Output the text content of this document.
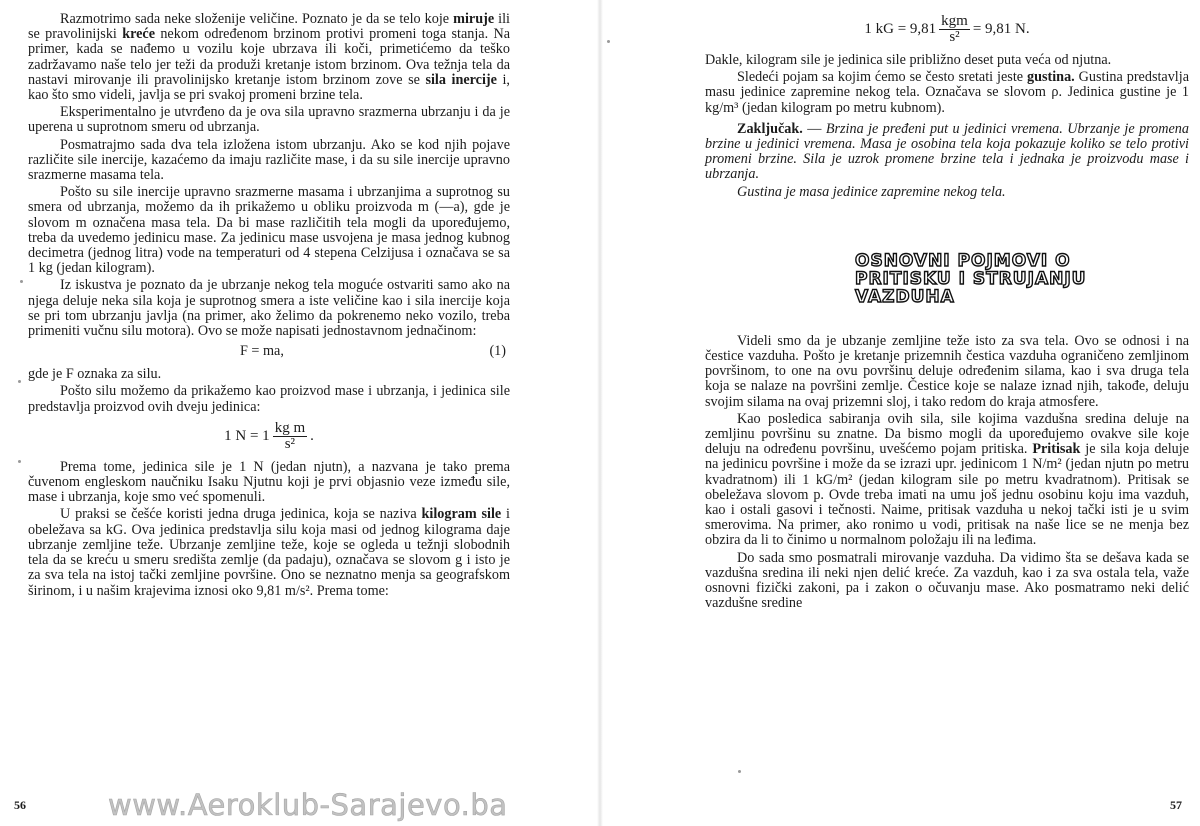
Razmotrimo sada neke složenije veličine. Poznato je da se telo koje miruje ili se pravolinijski kreće nekom određenom brzinom protivi promeni toga stanja. Na primer, kada se nađemo u vozilu koje ubrzava ili koči, primetićemo da teško zadržavamo naše telo jer teži da produži kretanje istom brzinom. Ova težnja tela da nastavi mirovanje ili pravolinijsko kretanje istom brzinom zove se sila inercije i, kao što smo videli, javlja se pri svakoj promeni brzine tela.

Eksperimentalno je utvrđeno da je ova sila upravno srazmerna ubrzanju i da je uperena u suprotnom smeru od ubrzanja.

Posmatrajmo sada dva tela izložena istom ubrzanju. Ako se kod njih pojave različite sile inercije, kazaćemo da imaju različite mase, i da su sile inercije upravno srazmerne masama tela.

Pošto su sile inercije upravno srazmerne masama i ubrzanjima a suprotnog su smera od ubrzanja, možemo da ih prikažemo u obliku proizvoda m (—a), gde je slovom m označena masa tela. Da bi mase različitih tela mogli da upoređujemo, treba da uvedemo jedinicu mase. Za jedinicu mase usvojena je masa jednog kubnog decimetra (jednog litra) vode na temperaturi od 4 stepena Celzijusa i označava se sa 1 kg (jedan kilogram).

Iz iskustva je poznato da je ubrzanje nekog tela moguće ostvariti samo ako na njega deluje neka sila koja je suprotnog smera a iste veličine kao i sila inercije koja se pri tom ubrzanju javlja (na primer, ako želimo da pokrenemo neko vozilo, treba primeniti vučnu silu motora). Ovo se može napisati jednostavnom jednačinom:

F = ma,	(1)

gde je F oznaka za silu.

Pošto silu možemo da prikažemo kao proizvod mase i ubrzanja, i jedinica sile predstavlja proizvod ovih dveju jedinica:

1 $N = 1 \frac{\text{kg m}}{\text{s²}}$ .

Prema tome, jedinica sile je 1 N (jedan njutn), a nazvana je tako prema čuvenom engleskom naučniku Isaku Njutnu koji je prvi objasnio veze između sile, mase i ubrzanja, koje smo već spomenuli.

U praksi se češće koristi jedna druga jedinica, koja se naziva kilogram sile i obeležava sa kG. Ova jedinica predstavlja silu koja masi od jednog kilograma daje ubrzanje zemljine teže. Ubrzanje zemljine teže, koje se ogleda u težnji slobodnih tela da se kreću u smeru središta zemlje (da padaju), označava se slovom g i isto je za sva tela na istoj tački zemljine površine. Ono se neznatno menja sa geografskom širinom, i u našim krajevima iznosi oko 9,81 m/s². Prema tome:

56
1 kG = $9,81 \frac{\text{kgm}}{\text{s²}} = 9,81$ N.

Dakle, kilogram sile je jedinica sile približno deset puta veća od njutna.

Sledeći pojam sa kojim ćemo se često sretati jeste gustina. Gustina predstavlja masu jedinice zapremine nekog tela. Označava se slovom ρ. Jedinica gustine je 1 kg/m³ (jedan kilogram po metru kubnom).

Zaključak. — Brzina je pređeni put u jedinici vremena. Ubrzanje je promena brzine u jedinici vremena. Masa je osobina tela koja pokazuje koliko se telo protivi promeni brzine. Sila je uzrok promene brzine tela i jednaka je proizvodu mase i ubrzanja.

Gustina je masa jedinice zapremine nekog tela.

OSNOVNI POJMOVI O PRITISKU I STRUJANJU VAZDUHA

Videli smo da je ubzanje zemljine teže isto za sva tela. Ovo se odnosi i na čestice vazduha. Pošto je kretanje prizemnih čestica vazduha ograničeno zemljinom površinom, to one na ovu površinu deluje određenim silama, kao i sva druga tela koja se nalaze na površini zemlje. Čestice koje se nalaze iznad njih, takođe, deluju svojim silama na ovaj prizemni sloj, i tako redom do kraja atmosfere.

Kao posledica sabiranja ovih sila, sile kojima vazdušna sredina deluje na zemljinu površinu su znatne. Da bismo mogli da upoređujemo ovakve sile koje deluju na određenu površinu, uvešćemo pojam pritiska. Pritisak je sila koja deluje na jedinicu površine i može da se izrazi upr. jedinicom 1 N/m² (jedan njutn po metru kvadratnom) ili 1 kG/m² (jedan kilogram sile po metru kvadratnom). Pritisak se obeležava slovom p. Ovde treba imati na umu još jednu osobinu koju ima vazduh, kao i ostali gasovi i tečnosti. Naime, pritisak vazduha u nekoj tački isti je u svim smerovima. Na primer, ako ronimo u vodi, pritisak na naše lice se ne menja bez obzira da li to činimo u normalnom položaju ili na leđima.

Do sada smo posmatrali mirovanje vazduha. Da vidimo šta se dešava kada se vazdušna sredina ili neki njen delić kreće. Za vazduh, kao i za sva ostala tela, važe osnovni fizički zakoni, pa i zakon o očuvanju mase. Ako posmatramo neki delić vazdušne sredine

57
www.Aeroklub-Sarajevo.ba
